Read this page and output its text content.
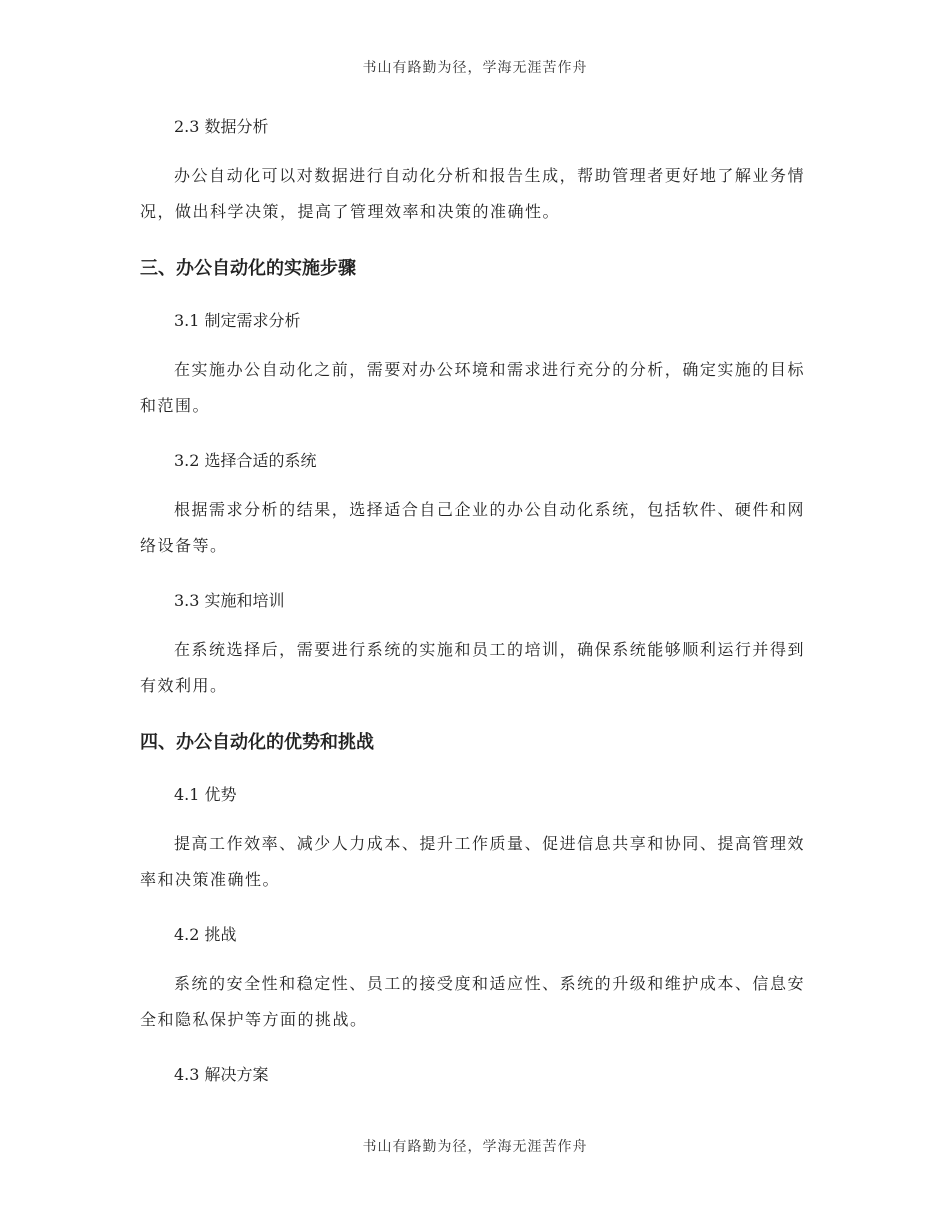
书山有路勤为径，学海无涯苦作舟
2.3 数据分析
办公自动化可以对数据进行自动化分析和报告生成，帮助管理者更好地了解业务情况，做出科学决策，提高了管理效率和决策的准确性。
三、办公自动化的实施步骤
3.1 制定需求分析
在实施办公自动化之前，需要对办公环境和需求进行充分的分析，确定实施的目标和范围。
3.2 选择合适的系统
根据需求分析的结果，选择适合自己企业的办公自动化系统，包括软件、硬件和网络设备等。
3.3 实施和培训
在系统选择后，需要进行系统的实施和员工的培训，确保系统能够顺利运行并得到有效利用。
四、办公自动化的优势和挑战
4.1 优势
提高工作效率、减少人力成本、提升工作质量、促进信息共享和协同、提高管理效率和决策准确性。
4.2 挑战
系统的安全性和稳定性、员工的接受度和适应性、系统的升级和维护成本、信息安全和隐私保护等方面的挑战。
4.3 解决方案
书山有路勤为径，学海无涯苦作舟
